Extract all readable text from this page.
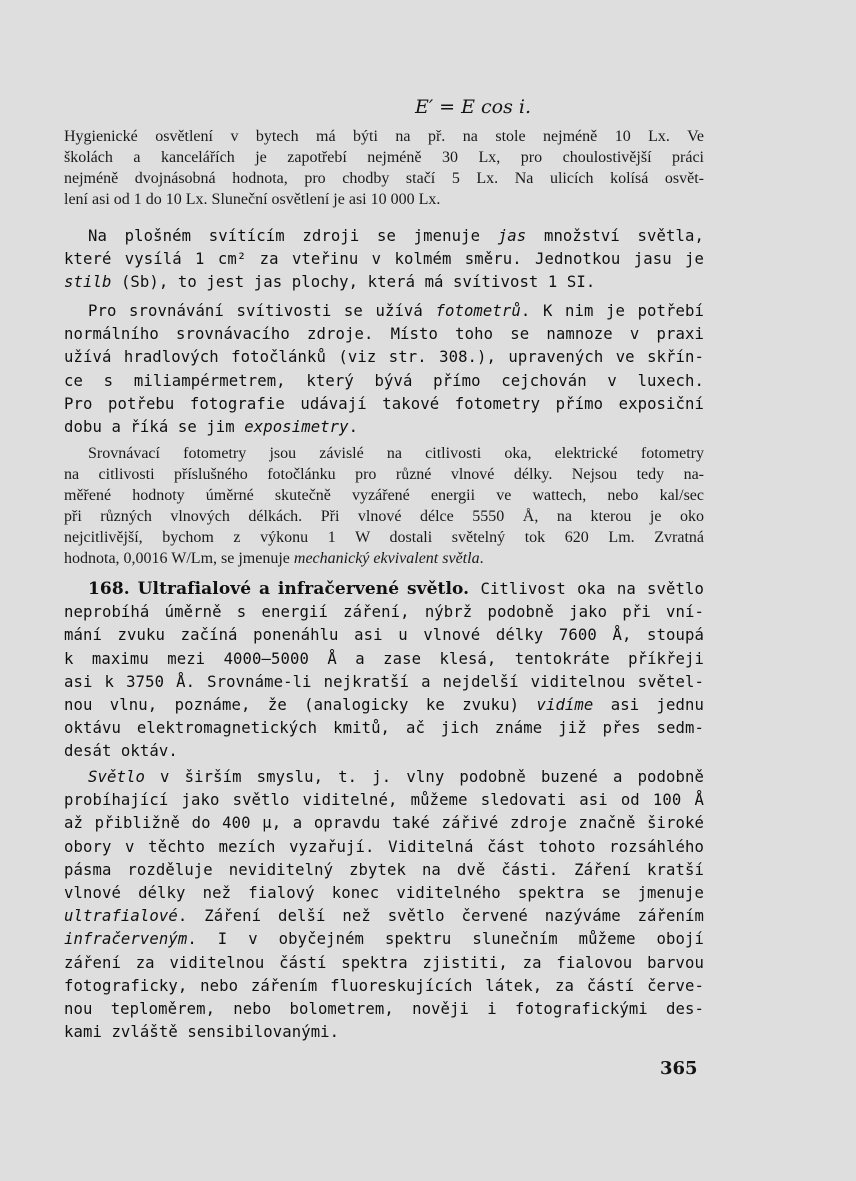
E′ = E cos i.
Hygienické osvětlení v bytech má býti na př. na stole nejméně 10 Lx. Ve
školách a kancelářích je zapotřebí nejméně 30 Lx, pro choulostivější práci
nejméně dvojnásobná hodnota, pro chodby stačí 5 Lx. Na ulicích kolísá osvět-
lení asi od 1 do 10 Lx. Sluneční osvětlení je asi 10 000 Lx.
Na plošném svítícím zdroji se jmenuje jas množství světla,
které vysílá 1 cm² za vteřinu v kolmém směru. Jednotkou jasu je
stilb (Sb), to jest jas plochy, která má svítivost 1 SI.
Pro srovnávání svítivosti se užívá fotometrů. K nim je potřebí
normálního srovnávacího zdroje. Místo toho se namnoze v praxi
užívá hradlových fotočlánků (viz str. 308.), upravených ve skřín-
ce s miliampérmetrem, který bývá přímo cejchován v luxech.
Pro potřebu fotografie udávají takové fotometry přímo exposiční
dobu a říká se jim exposimetry.
Srovnávací fotometry jsou závislé na citlivosti oka, elektrické fotometry
na citlivosti příslušného fotočlánku pro různé vlnové délky. Nejsou tedy na-
měřené hodnoty úměrné skutečně vyzářené energii ve wattech, nebo kal/sec
při různých vlnových délkách. Při vlnové délce 5550 Å, na kterou je oko
nejcitlivější, bychom z výkonu 1 W dostali světelný tok 620 Lm. Zvratná
hodnota, 0,0016 W/Lm, se jmenuje mechanický ekvivalent světla.
168. Ultrafialové a infračervené světlo. Citlivost oka na světlo
neprobíhá úměrně s energií záření, nýbrž podobně jako při vní-
mání zvuku začíná ponenáhlu asi u vlnové délky 7600 Å, stoupá
k maximu mezi 4000—5000 Å a zase klesá, tentokráte příkřeji
asi k 3750 Å. Srovnáme-li nejkratší a nejdelší viditelnou světel-
nou vlnu, poznáme, že (analogicky ke zvuku) vidíme asi jednu
oktávu elektromagnetických kmitů, ač jich známe již přes sedm-
desát oktáv.
Světlo v širším smyslu, t. j. vlny podobně buzené a podobně
probíhající jako světlo viditelné, můžeme sledovati asi od 100 Å
až přibližně do 400 μ, a opravdu také zářivé zdroje značně široké
obory v těchto mezích vyzařují. Viditelná část tohoto rozsáhlého
pásma rozděluje neviditelný zbytek na dvě části. Záření kratší
vlnové délky než fialový konec viditelného spektra se jmenuje
ultrafialové. Záření delší než světlo červené nazýváme zářením
infračerveným. I v obyčejném spektru slunečním můžeme obojí
záření za viditelnou částí spektra zjistiti, za fialovou barvou
fotograficky, nebo zářením fluoreskujících látek, za částí červe-
nou teploměrem, nebo bolometrem, nověji i fotografickými des-
kami zvláště sensibilovanými.
365
